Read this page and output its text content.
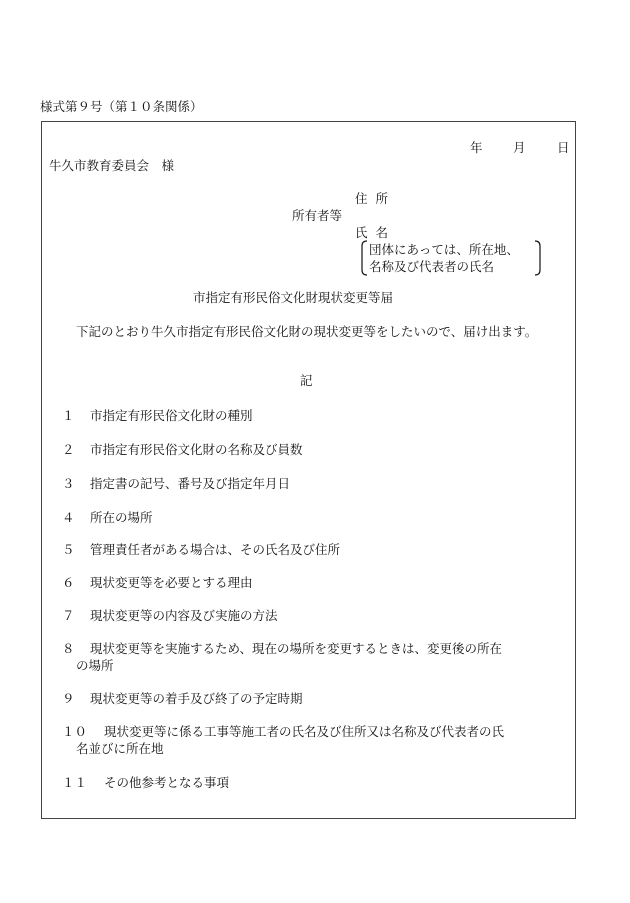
様式第９号（第１０条関係）
年 月	日
牛久市教育委員会　様
住所
所有者等
氏名
団体にあっては、所在地、
名称及び代表者の氏名
市指定有形民俗文化財現状変更等届
下記のとおり牛久市指定有形民俗文化財の現状変更等をしたいので、届け出ます。
記
１ 市指定有形民俗文化財の種別
２ 市指定有形民俗文化財の名称及び員数
３ 指定書の記号、番号及び指定年月日
４ 所在の場所
５ 管理責任者がある場合は、その氏名及び住所
６ 現状変更等を必要とする理由
７ 現状変更等の内容及び実施の方法
８ 現状変更等を実施するため、現在の場所を変更するときは、変更後の所在
の場所
９ 現状変更等の着手及び終了の予定時期
１０ 現状変更等に係る工事等施工者の氏名及び住所又は名称及び代表者の氏
名並びに所在地
１１ その他参考となる事項
